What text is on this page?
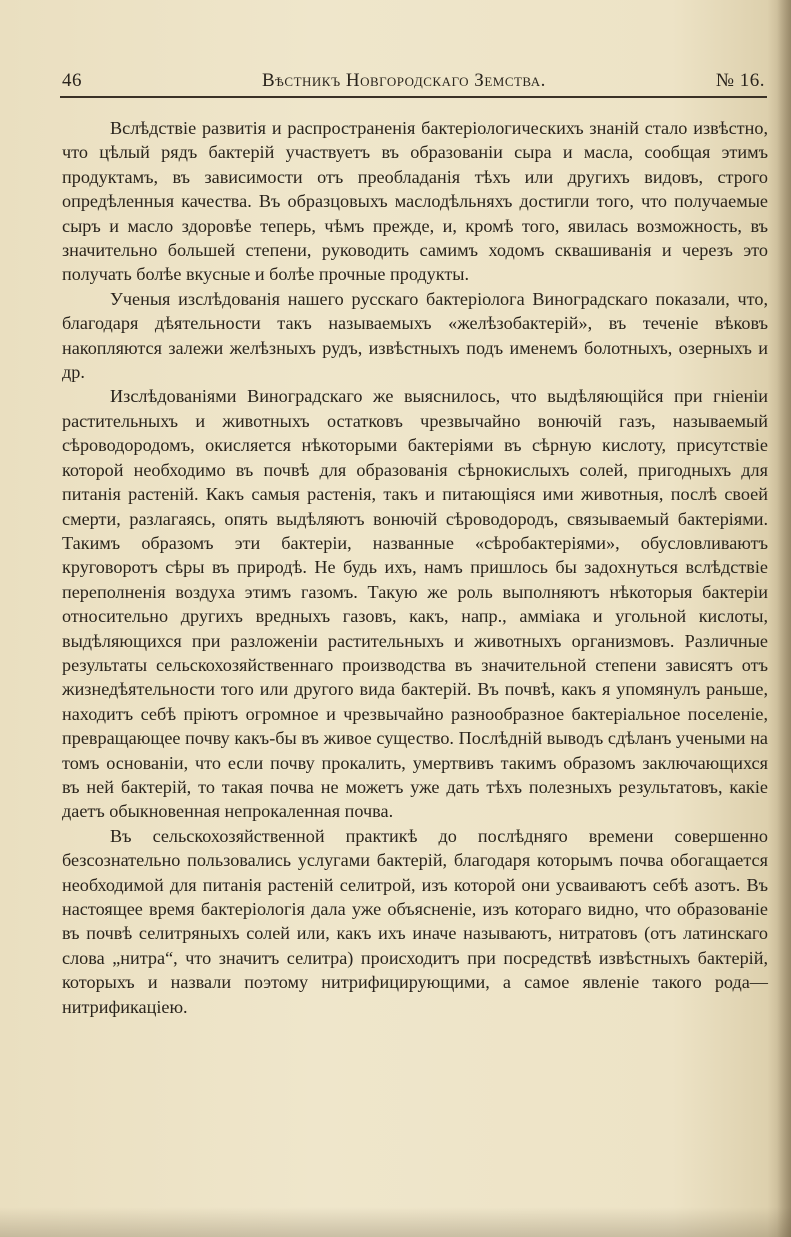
46	Вѣстникъ Новгородскаго Земства.	№ 16.

Вслѣдствіе развитія и распространенія бактеріологическихъ знаній стало извѣстно, что цѣлый рядъ бактерій участвуетъ въ образованіи сыра и масла, сообщая этимъ продуктамъ, въ зависимости отъ преобладанія тѣхъ или другихъ видовъ, строго опредѣленныя качества. Въ образцовыхъ маслодѣльняхъ достигли того, что получаемые сыръ и масло здоровѣе теперь, чѣмъ прежде, и, кромѣ того, явилась возможность, въ значительно большей степени, руководить самимъ ходомъ сквашиванія и черезъ это получать болѣе вкусные и болѣе прочные продукты.

Ученыя изслѣдованія нашего русскаго бактеріолога Виноградскаго показали, что, благодаря дѣятельности такъ называемыхъ «желѣзобактерій», въ теченіе вѣковъ накопляются залежи желѣзныхъ рудъ, извѣстныхъ подъ именемъ болотныхъ, озерныхъ и др.

Изслѣдованіями Виноградскаго же выяснилось, что выдѣляющійся при гніеніи растительныхъ и животныхъ остатковъ чрезвычайно вонючій газъ, называемый сѣроводородомъ, окисляется нѣкоторыми бактеріями въ сѣрную кислоту, присутствіе которой необходимо въ почвѣ для образованія сѣрнокислыхъ солей, пригодныхъ для питанія растеній. Какъ самыя растенія, такъ и питающіяся ими животныя, послѣ своей смерти, разлагаясь, опять выдѣляютъ вонючій сѣроводородъ, связываемый бактеріями. Такимъ образомъ эти бактеріи, названные «сѣробактеріями», обусловливаютъ круговоротъ сѣры въ природѣ. Не будь ихъ, намъ пришлось бы задохнуться вслѣдствіе переполненія воздуха этимъ газомъ. Такую же роль выполняютъ нѣкоторыя бактеріи относительно другихъ вредныхъ газовъ, какъ, напр., амміака и угольной кислоты, выдѣляющихся при разложеніи растительныхъ и животныхъ организмовъ. Различные результаты сельскохозяйственнаго производства въ значительной степени зависятъ отъ жизнедѣятельности того или другого вида бактерій. Въ почвѣ, какъ я упомянулъ раньше, находитъ себѣ пріютъ огромное и чрезвычайно разнообразное бактеріальное поселеніе, превращающее почву какъ-бы въ живое существо. Послѣдній выводъ сдѣланъ учеными на томъ основаніи, что если почву прокалить, умертвивъ такимъ образомъ заключающихся въ ней бактерій, то такая почва не можетъ уже дать тѣхъ полезныхъ результатовъ, какіе даетъ обыкновенная непрокаленная почва.

Въ сельскохозяйственной практикѣ до послѣдняго времени совершенно безсознательно пользовались услугами бактерій, благодаря которымъ почва обогащается необходимой для питанія растеній селитрой, изъ которой они усваиваютъ себѣ азотъ. Въ настоящее время бактеріологія дала уже объясненіе, изъ котораго видно, что образованіе въ почвѣ селитряныхъ солей или, какъ ихъ иначе называютъ, нитратовъ (отъ латинскаго слова „нитра“, что значитъ селитра) происходитъ при посредствѣ извѣстныхъ бактерій, которыхъ и назвали поэтому нитрифицирующими, а самое явленіе такого рода—нитрификаціею.
